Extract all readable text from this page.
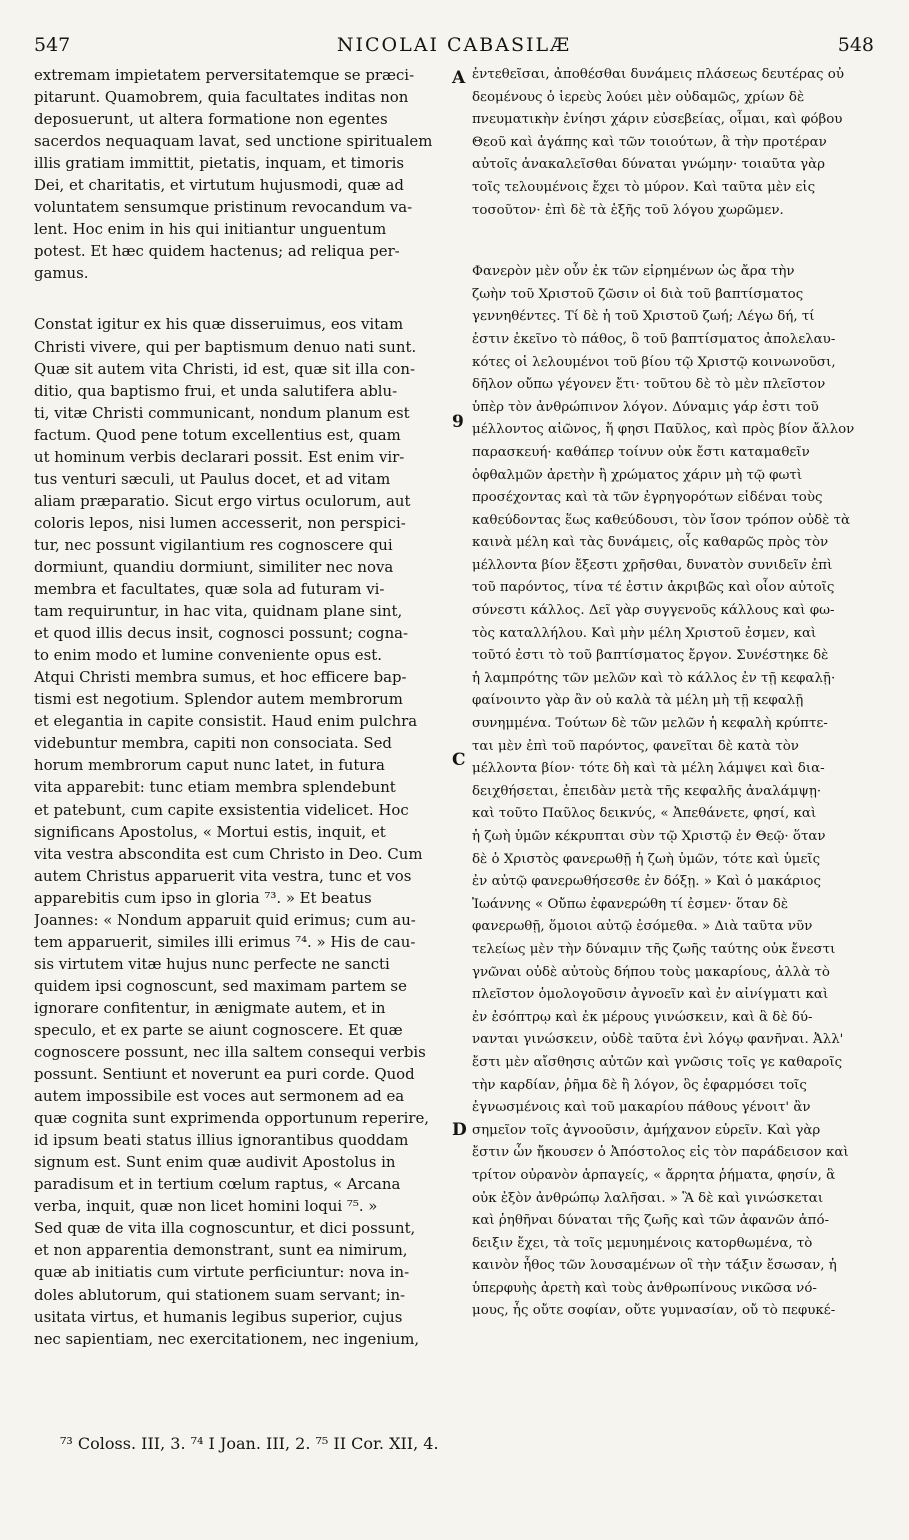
547	NICOLAI CABASILÆ	548
extremam impietatem perversitatemque se præci-
pitarunt. Quamobrem, quia facultates inditas non
deposuerunt, ut altera formatione non egentes
sacerdos nequaquam lavat, sed unctione spiritualem
illis gratiam immittit, pietatis, inquam, et timoris
Dei, et charitatis, et virtutum hujusmodi, quæ ad
voluntatem sensumque pristinum revocandum va-
lent. Hoc enim in his qui initiantur unguentum
potest. Et hæc quidem hactenus; ad reliqua per-
gamus.
Constat igitur ex his quæ disseruimus, eos vitam
Christi vivere, qui per baptismum denuo nati sunt.
Quæ sit autem vita Christi, id est, quæ sit illa con-
ditio, qua baptismo frui, et unda salutifera ablu-
ti, vitæ Christi communicant, nondum planum est
factum. Quod pene totum excellentius est, quam
ut hominum verbis declarari possit. Est enim vir-
tus venturi sæculi, ut Paulus docet, et ad vitam
aliam præparatio. Sicut ergo virtus oculorum, aut
coloris lepos, nisi lumen accesserit, non perspici-
tur, nec possunt vigilantium res cognoscere qui
dormiunt, quandiu dormiunt, similiter nec nova
membra et facultates, quæ sola ad futuram vi-
tam requiruntur, in hac vita, quidnam plane sint,
et quod illis decus insit, cognosci possunt; cogna-
to enim modo et lumine conveniente opus est.
Atqui Christi membra sumus, et hoc efficere bap-
tismi est negotium. Splendor autem membrorum
et elegantia in capite consistit. Haud enim pulchra
videbuntur membra, capiti non consociata. Sed
horum membrorum caput nunc latet, in futura
vita apparebit: tunc etiam membra splendebunt
et patebunt, cum capite exsistentia videlicet. Hoc
significans Apostolus, « Mortui estis, inquit, et
vita vestra abscondita est cum Christo in Deo. Cum
autem Christus apparuerit vita vestra, tunc et vos
apparebitis cum ipso in gloria ⁷³. » Et beatus
Joannes: « Nondum apparuit quid erimus; cum au-
tem apparuerit, similes illi erimus ⁷⁴. » His de cau-
sis virtutem vitæ hujus nunc perfecte ne sancti
quidem ipsi cognoscunt, sed maximam partem se
ignorare confitentur, in ænigmate autem, et in
speculo, et ex parte se aiunt cognoscere. Et quæ
cognoscere possunt, nec illa saltem consequi verbis
possunt. Sentiunt et noverunt ea puri corde. Quod
autem impossibile est voces aut sermonem ad ea
quæ cognita sunt exprimenda opportunum reperire,
id ipsum beati status illius ignorantibus quoddam
signum est. Sunt enim quæ audivit Apostolus in
paradisum et in tertium cœlum raptus, « Arcana
verba, inquit, quæ non licet homini loqui ⁷⁵. »
Sed quæ de vita illa cognoscuntur, et dici possunt,
et non apparentia demonstrant, sunt ea nimirum,
quæ ab initiatis cum virtute perficiuntur: nova in-
doles ablutorum, qui stationem suam servant; in-
usitata virtus, et humanis legibus superior, cujus
nec sapientiam, nec exercitationem, nec ingenium,
ἐντεθεῖσαι, ἀποθέσθαι δυνάμεις πλάσεως δευτέρας οὐ
δεομένους ὁ ἱερεὺς λούει μὲν οὐδαμῶς, χρίων δὲ
πνευματικὴν ἐνίησι χάριν εὐσεβείας, οἶμαι, καὶ φόβου
Θεοῦ καὶ ἀγάπης καὶ τῶν τοιούτων, ἃ τὴν προτέραν
αὐτοῖς ἀνακαλεῖσθαι δύναται γνώμην· τοιαῦτα γὰρ
τοῖς τελουμένοις ἔχει τὸ μύρον. Καὶ ταῦτα μὲν εἰς
τοσοῦτον· ἐπὶ δὲ τὰ ἑξῆς τοῦ λόγου χωρῶμεν.
Φανερὸν μὲν οὖν ἐκ τῶν εἰρημένων ὡς ἄρα τὴν
ζωὴν τοῦ Χριστοῦ ζῶσιν οἱ διὰ τοῦ βαπτίσματος
γεννηθέντες. Τί δὲ ἡ τοῦ Χριστοῦ ζωή; Λέγω δή, τί
ἐστιν ἐκεῖνο τὸ πάθος, ὃ τοῦ βαπτίσματος ἀπολελαυ-
κότες οἱ λελουμένοι τοῦ βίου τῷ Χριστῷ κοινωνοῦσι,
δῆλον οὔπω γέγονεν ἔτι· τοῦτου δὲ τὸ μὲν πλεῖστον
ὑπὲρ τὸν ἀνθρώπινον λόγον. Δύναμις γάρ ἐστι τοῦ
μέλλοντος αἰῶνος, ἥ φησι Παῦλος, καὶ πρὸς βίον ἄλλον
παρασκευή· καθάπερ τοίνυν οὐκ ἔστι καταμαθεῖν
ὀφθαλμῶν ἀρετὴν ἢ χρώματος χάριν μὴ τῷ φωτὶ
προσέχοντας καὶ τὰ τῶν ἐγρηγορότων εἰδέναι τοὺς
καθεύδοντας ἕως καθεύδουσι, τὸν ἴσον τρόπον οὐδὲ τὰ
καινὰ μέλη καὶ τὰς δυνάμεις, οἷς καθαρῶς πρὸς τὸν
μέλλοντα βίον ἔξεστι χρῆσθαι, δυνατὸν συνιδεῖν ἐπὶ
τοῦ παρόντος, τίνα τέ ἐστιν ἀκριβῶς καὶ οἷον αὐτοῖς
σύνεστι κάλλος. Δεῖ γὰρ συγγενοῦς κάλλους καὶ φω-
τὸς καταλλήλου. Καὶ μὴν μέλη Χριστοῦ ἐσμεν, καὶ
τοῦτό ἐστι τὸ τοῦ βαπτίσματος ἔργον. Συνέστηκε δὲ
ἡ λαμπρότης τῶν μελῶν καὶ τὸ κάλλος ἐν τῇ κεφαλῇ·
φαίνοιντο γὰρ ἂν οὐ καλὰ τὰ μέλη μὴ τῇ κεφαλῇ
συνημμένα. Τούτων δὲ τῶν μελῶν ἡ κεφαλὴ κρύπτε-
ται μὲν ἐπὶ τοῦ παρόντος, φανεῖται δὲ κατὰ τὸν
μέλλοντα βίον· τότε δὴ καὶ τὰ μέλη λάμψει καὶ δια-
δειχθήσεται, ἐπειδὰν μετὰ τῆς κεφαλῆς ἀναλάμψῃ·
καὶ τοῦτο Παῦλος δεικνύς, « Ἀπεθάνετε, φησί, καὶ
ἡ ζωὴ ὑμῶν κέκρυπται σὺν τῷ Χριστῷ ἐν Θεῷ· ὅταν
δὲ ὁ Χριστὸς φανερωθῇ ἡ ζωὴ ὑμῶν, τότε καὶ ὑμεῖς
ἐν αὐτῷ φανερωθήσεσθε ἐν δόξῃ. » Καὶ ὁ μακάριος
Ἰωάννης « Οὔπω ἐφανερώθη τί ἐσμεν· ὅταν δὲ
φανερωθῇ, ὅμοιοι αὐτῷ ἐσόμεθα. » Διὰ ταῦτα νῦν
τελείως μὲν τὴν δύναμιν τῆς ζωῆς ταύτης οὐκ ἔνεστι
γνῶναι οὐδὲ αὐτοὺς δήπου τοὺς μακαρίους, ἀλλὰ τὸ
πλεῖστον ὁμολογοῦσιν ἀγνοεῖν καὶ ἐν αἰνίγματι καὶ
ἐν ἐσόπτρῳ καὶ ἐκ μέρους γινώσκειν, καὶ ἃ δὲ δύ-
νανται γινώσκειν, οὐδὲ ταῦτα ἐνὶ λόγῳ φανῆναι. Ἀλλ'
ἔστι μὲν αἴσθησις αὐτῶν καὶ γνῶσις τοῖς γε καθαροῖς
τὴν καρδίαν, ῥῆμα δὲ ἢ λόγον, ὃς ἐφαρμόσει τοῖς
ἐγνωσμένοις καὶ τοῦ μακαρίου πάθους γένοιτ' ἂν
σημεῖον τοῖς ἀγνοοῦσιν, ἀμήχανον εὑρεῖν. Καὶ γὰρ
ἔστιν ὧν ἤκουσεν ὁ Ἀπόστολος εἰς τὸν παράδεισον καὶ
τρίτον οὐρανὸν ἁρπαγείς, « ἄρρητα ῥήματα, φησίν, ἃ
οὐκ ἐξὸν ἀνθρώπῳ λαλῆσαι. » Ἃ δὲ καὶ γινώσκεται
καὶ ῥηθῆναι δύναται τῆς ζωῆς καὶ τῶν ἀφανῶν ἀπό-
δειξιν ἔχει, τὰ τοῖς μεμυημένοις κατορθωμένα, τὸ
καινὸν ἦθος τῶν λουσαμένων οἳ τὴν τάξιν ἔσωσαν, ἡ
ὑπερφυὴς ἀρετὴ καὶ τοὺς ἀνθρωπίνους νικῶσα νό-
μους, ἧς οὔτε σοφίαν, οὔτε γυμνασίαν, οὔ τὸ πεφυκέ-
A
9
C
D
⁷³ Coloss. III, 3. ⁷⁴ I Joan. III, 2. ⁷⁵ II Cor. XII, 4.
